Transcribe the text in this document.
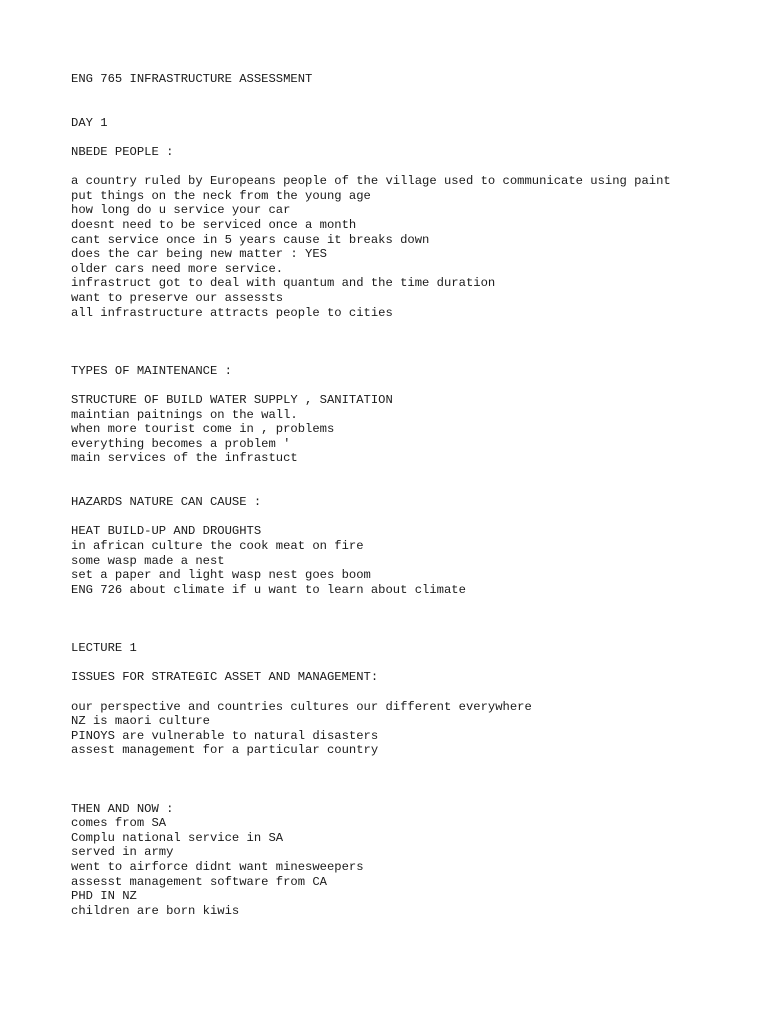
ENG 765 INFRASTRUCTURE ASSESSMENT
DAY 1
NBEDE PEOPLE :
a country ruled by Europeans people of the village used to communicate using paint
put things on the neck from the young age
how long do u service your car
doesnt need to be serviced once a month
cant service once in 5 years cause it breaks down
does the car being new matter : YES
older cars need more service.
infrastruct got to deal with quantum and the time duration
want to preserve our assessts
all infrastructure attracts people to cities
TYPES OF MAINTENANCE :
STRUCTURE OF BUILD WATER SUPPLY , SANITATION
maintian paitnings on the wall.
when more tourist come in , problems
everything becomes a problem '
main services of the infrastuct
HAZARDS NATURE CAN CAUSE :
HEAT BUILD-UP AND DROUGHTS
in african culture the cook meat on fire
some wasp made a nest
set a paper and light wasp nest goes boom
ENG 726 about climate if u want to learn about climate
LECTURE 1
ISSUES FOR STRATEGIC ASSET AND MANAGEMENT:
our perspective and countries cultures our different everywhere
NZ is maori culture
PINOYS are vulnerable to natural disasters
assest management for a particular country
THEN AND NOW :
comes from SA
Complu national service in SA
served in army
went to airforce didnt want minesweepers
assesst management software from CA
PHD IN NZ
children are born kiwis
